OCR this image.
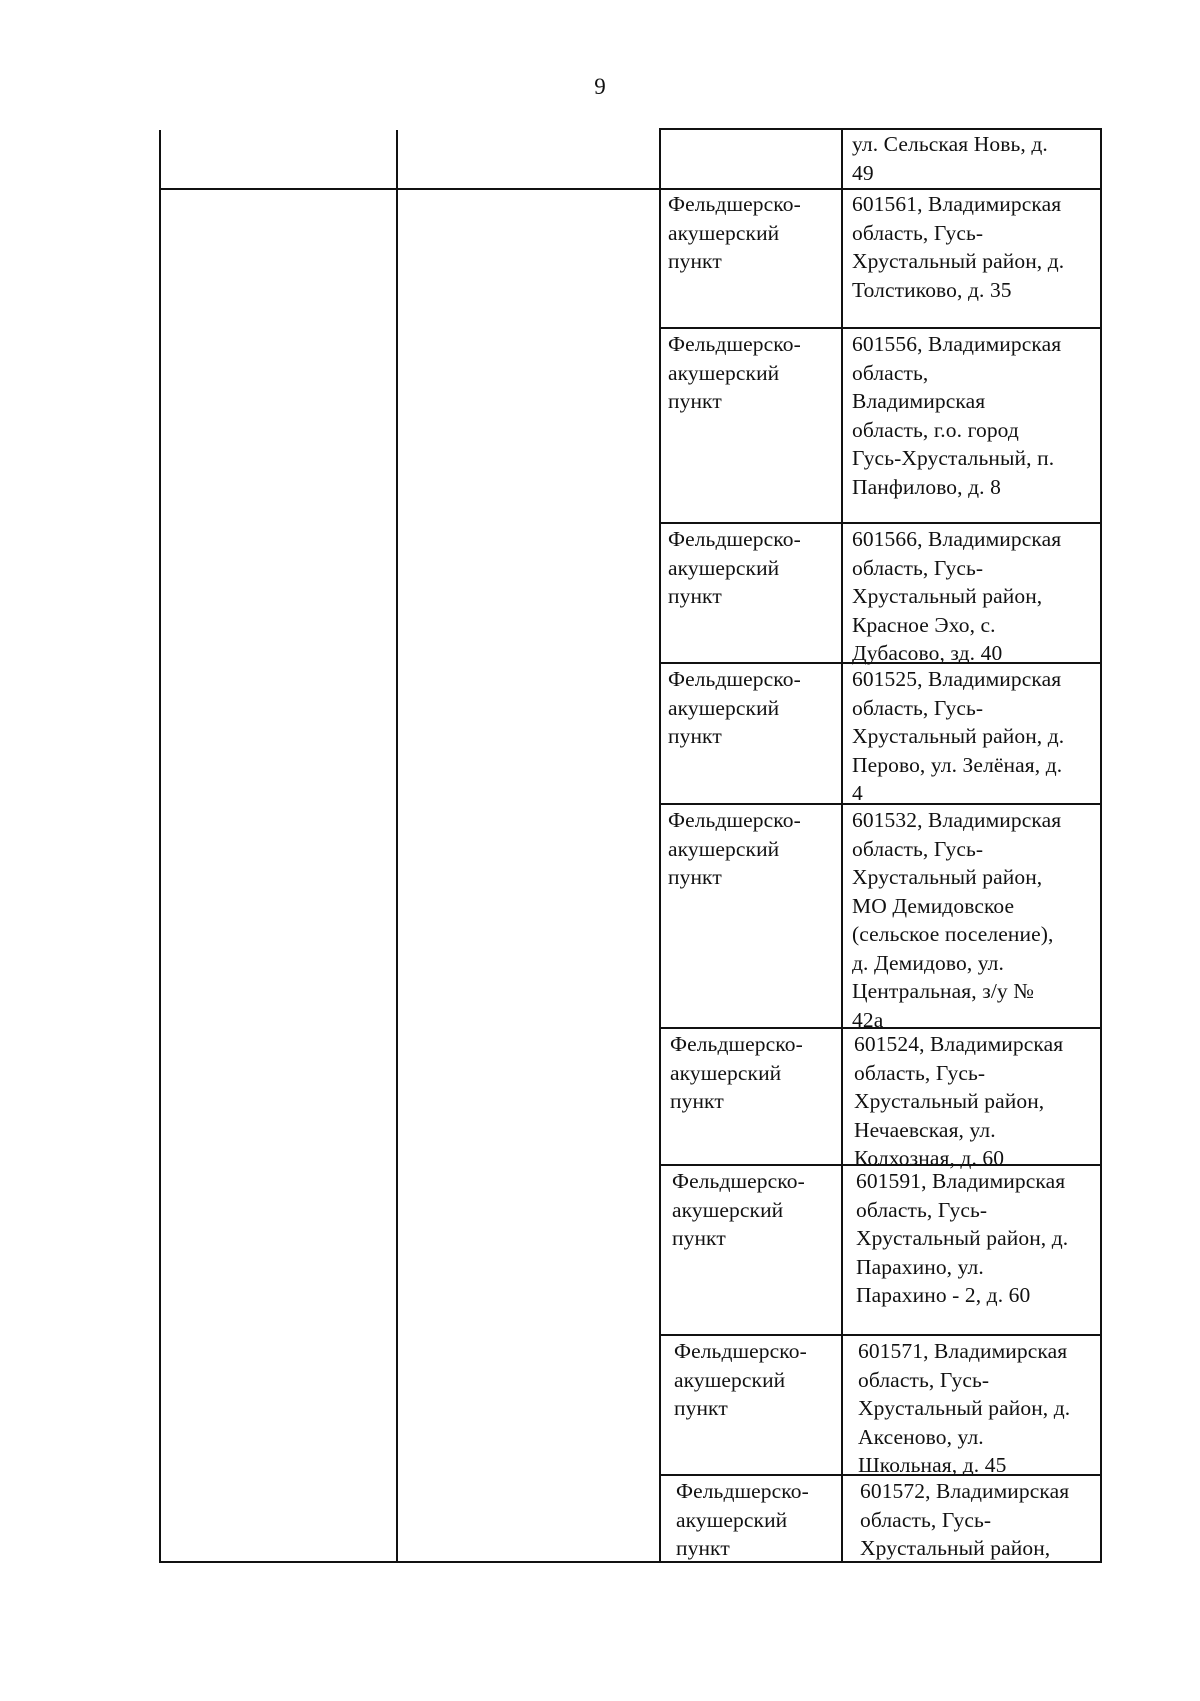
9
ул. Сельская Новь, д.
49
Фельдшерско-
акушерский
пункт
601561, Владимирская
область, Гусь-
Хрустальный район, д.
Толстиково, д. 35
Фельдшерско-
акушерский
пункт
601556, Владимирская
область,
Владимирская
область, г.о. город
Гусь-Хрустальный, п.
Панфилово, д. 8
Фельдшерско-
акушерский
пункт
601566, Владимирская
область, Гусь-
Хрустальный район,
Красное Эхо, с.
Дубасово, зд. 40
Фельдшерско-
акушерский
пункт
601525, Владимирская
область, Гусь-
Хрустальный район, д.
Перово, ул. Зелёная, д.
4
Фельдшерско-
акушерский
пункт
601532, Владимирская
область, Гусь-
Хрустальный район,
МО Демидовское
(сельское поселение),
д. Демидово, ул.
Центральная, з/у №
42а
Фельдшерско-
акушерский
пункт
601524, Владимирская
область, Гусь-
Хрустальный район,
Нечаевская, ул.
Колхозная, д. 60
Фельдшерско-
акушерский
пункт
601591, Владимирская
область, Гусь-
Хрустальный район, д.
Парахино, ул.
Парахино - 2, д. 60
Фельдшерско-
акушерский
пункт
601571, Владимирская
область, Гусь-
Хрустальный район, д.
Аксеново, ул.
Школьная, д. 45
Фельдшерско-
акушерский
пункт
601572, Владимирская
область, Гусь-
Хрустальный район,
